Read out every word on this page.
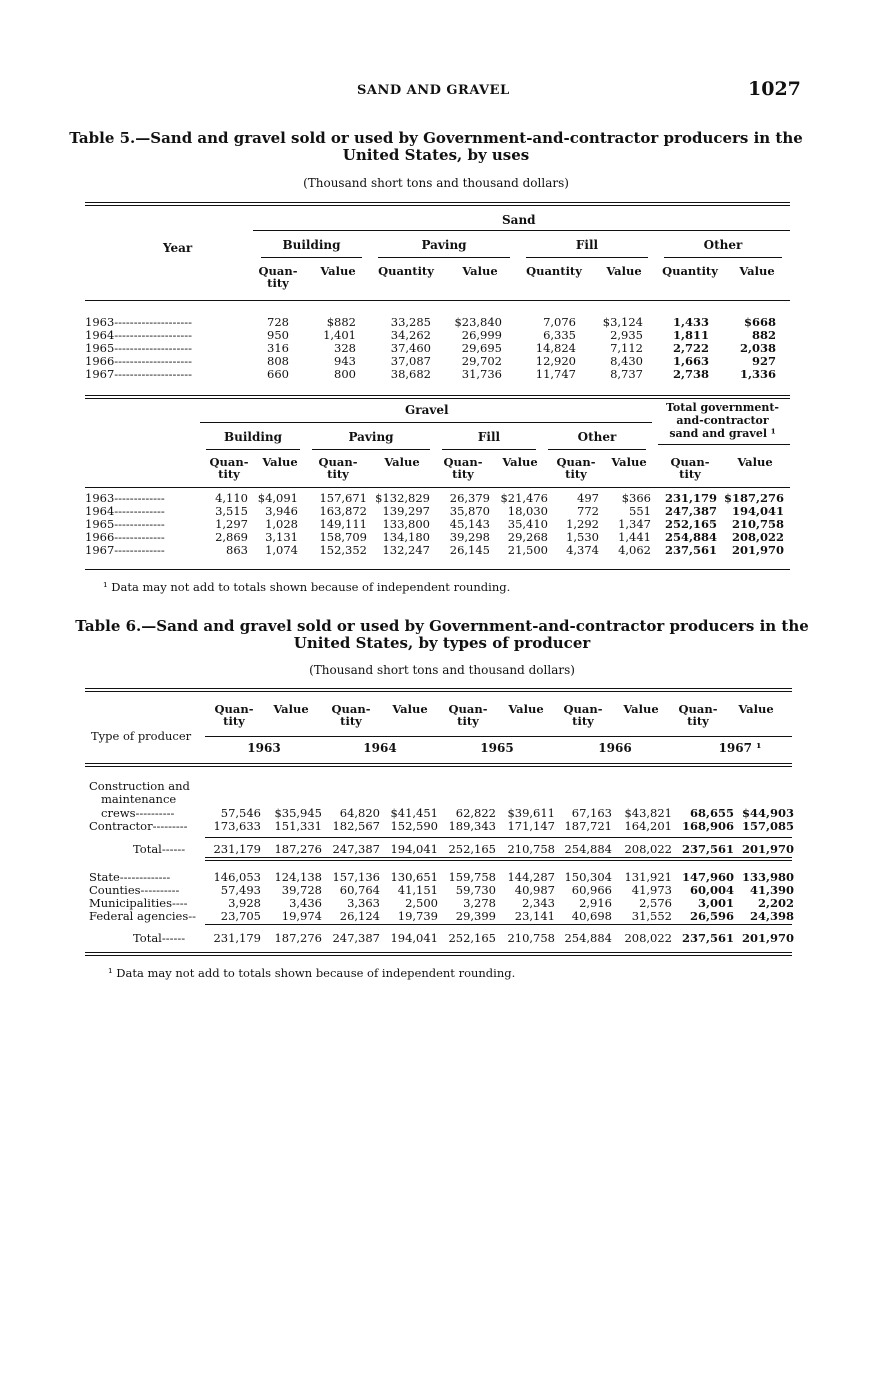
SAND AND GRAVEL	1027
Table 5.—Sand and gravel sold or used by Government-and-contractor producers in the
United States, by uses
(Thousand short tons and thousand dollars)
Sand
Year	Building	Paving	Fill	Other
Quan-
tity
Value	Quantity	Value	Quantity	Value	Quantity	Value
1963--------------------	728	$882	33,285 $23,840	7,076 $3,124	1,433	$668
1964--------------------	950	1,401	34,262	26,999	6,335	2,935	1,811	882
1965--------------------	316	328	37,460	29,695	14,824	7,112	2,722	2,038
1966--------------------	808	943	37,087	29,702	12,920	8,430	1,663	927
1967--------------------	660	800	38,682	31,736	11,747	8,737	2,738	1,336
Gravel	Total government-
and-contractor
sand and gravel ¹
Building	Paving	Fill	Other
Quan-
tity
Value	Quan-
tity
Value	Quan-
tity
Value	Quan-
tity
Value	Quan-
tity
Value
1963-------------	4,110 $4,091 157,671 $132,829 26,379 $21,476	497 $366 231,179 $187,276
1964-------------	3,515 3,946 163,872 139,297 35,870 18,030	772	551 247,387 194,041
1965-------------	1,297 1,028 149,111 133,800 45,143 35,410 1,292 1,347 252,165 210,758
1966-------------	2,869 3,131 158,709 134,180 39,298 29,268 1,530 1,441 254,884 208,022
1967-------------	863 1,074 152,352 132,247 26,145 21,500 4,374 4,062 237,561 201,970
¹ Data may not add to totals shown because of independent rounding.
Table 6.—Sand and gravel sold or used by Government-and-contractor producers in the
United States, by types of producer
(Thousand short tons and thousand dollars)
Quan-
tity
Value	Quan-
tity
Value	Quan-
tity
Value	Quan-
tity
Value	Quan-
tity
Value
Type of producer
1963	1964	1965	1966	1967 ¹
Construction and
maintenance
crews----------	57,546 $35,945 64,820 $41,451 62,822 $39,611 67,163 $43,821 68,655 $44,903
Contractor--------- 173,633 151,331 182,567 152,590 189,343 171,147 187,721 164,201 168,906 157,085
Total------ 231,179 187,276 247,387 194,041 252,165 210,758 254,884 208,022 237,561 201,970
State-------------	146,053 124,138 157,136 130,651 159,758 144,287 150,304 131,921 147,960 133,980
Counties----------	57,493 39,728 60,764 41,151 59,730 40,987 60,966 41,973 60,004 41,390
Municipalities----	3,928 3,436 3,363 2,500 3,278 2,343 2,916 2,576 3,001 2,202
Federal agencies-- 23,705 19,974 26,124 19,739 29,399 23,141 40,698 31,552 26,596 24,398
Total------ 231,179 187,276 247,387 194,041 252,165 210,758 254,884 208,022 237,561 201,970
¹ Data may not add to totals shown because of independent rounding.
